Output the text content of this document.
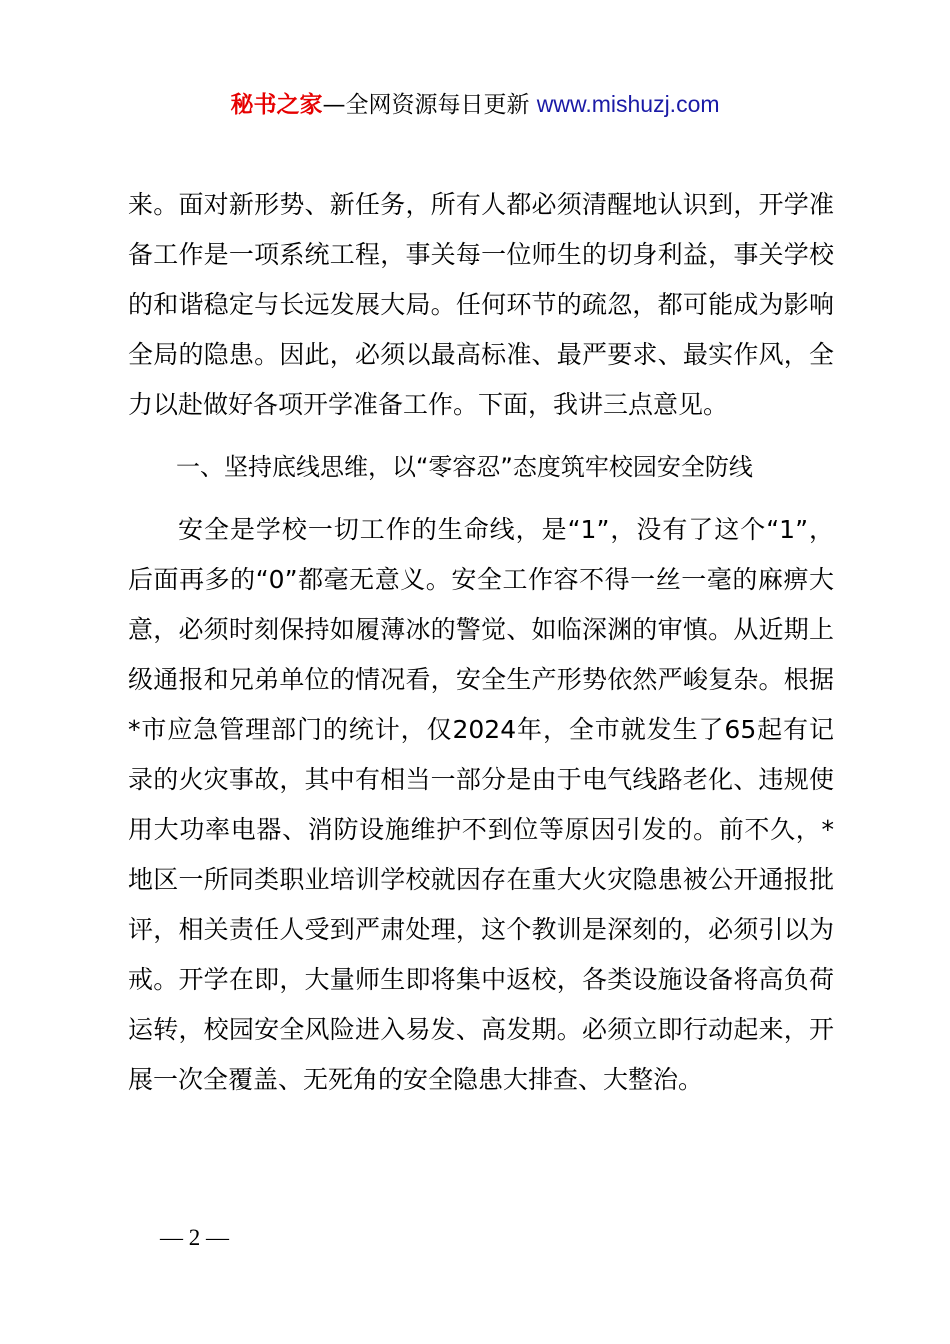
秘书之家—全网资源每日更新 www.mishuzj.com

来。面对新形势、新任务，所有人都必须清醒地认识到，开学准备工作是一项系统工程，事关每一位师生的切身利益，事关学校的和谐稳定与长远发展大局。任何环节的疏忽，都可能成为影响全局的隐患。因此，必须以最高标准、最严要求、最实作风，全力以赴做好各项开学准备工作。下面，我讲三点意见。

一、坚持底线思维，以“零容忍”态度筑牢校园安全防线

安全是学校一切工作的生命线，是“1”，没有了这个“1”，后面再多的“0”都毫无意义。安全工作容不得一丝一毫的麻痹大意，必须时刻保持如履薄冰的警觉、如临深渊的审慎。从近期上级通报和兄弟单位的情况看，安全生产形势依然严峻复杂。根据*市应急管理部门的统计，仅2024年，全市就发生了65起有记录的火灾事故，其中有相当一部分是由于电气线路老化、违规使用大功率电器、消防设施维护不到位等原因引发的。前不久，*地区一所同类职业培训学校就因存在重大火灾隐患被公开通报批评，相关责任人受到严肃处理，这个教训是深刻的，必须引以为戒。开学在即，大量师生即将集中返校，各类设施设备将高负荷运转，校园安全风险进入易发、高发期。必须立即行动起来，开展一次全覆盖、无死角的安全隐患大排查、大整治。

— 2 —
